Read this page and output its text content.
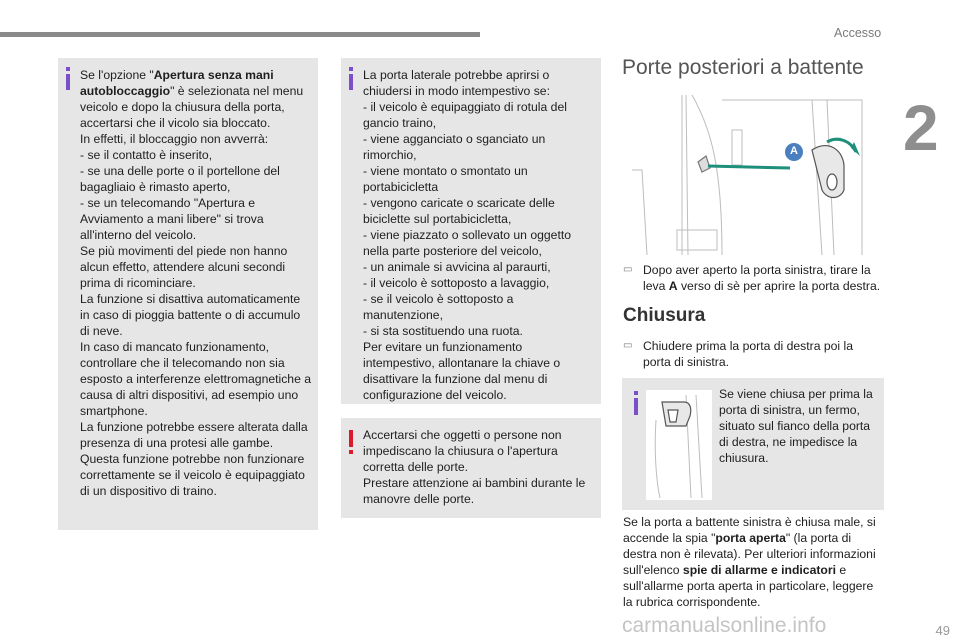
Accesso
2
Se l'opzione "Apertura senza mani autobloccaggio" è selezionata nel menu veicolo e dopo la chiusura della porta, accertarsi che il vicolo sia bloccato.
In effetti, il bloccaggio non avverrà:
- se il contatto è inserito,
- se una delle porte o il portellone del
bagagliaio è rimasto aperto,
- se un telecomando "Apertura e
Avviamento a mani libere" si trova
all'interno del veicolo.
Se più movimenti del piede non hanno alcun effetto, attendere alcuni secondi prima di ricominciare.
La funzione si disattiva automaticamente in caso di pioggia battente o di accumulo di neve.
In caso di mancato funzionamento, controllare che il telecomando non sia esposto a interferenze elettromagnetiche a causa di altri dispositivi, ad esempio uno smartphone.
La funzione potrebbe essere alterata dalla presenza di una protesi alle gambe.
Questa funzione potrebbe non funzionare correttamente se il veicolo è equipaggiato di un dispositivo di traino.
La porta laterale potrebbe aprirsi o chiudersi in modo intempestivo se:
- il veicolo è equipaggiato di rotula del
gancio traino,
- viene agganciato o sganciato un
rimorchio,
- viene montato o smontato un
portabicicletta
- vengono caricate o scaricate delle
biciclette sul portabicicletta,
- viene piazzato o sollevato un oggetto
nella parte posteriore del veicolo,
- un animale si avvicina al paraurti,
- il veicolo è sottoposto a lavaggio,
- se il veicolo è sottoposto a
manutenzione,
- si sta sostituendo una ruota.
Per evitare un funzionamento intempestivo, allontanare la chiave o disattivare la funzione dal menu di configurazione del veicolo.
Accertarsi che oggetti o persone non impediscano la chiusura o l'apertura corretta delle porte.
Prestare attenzione ai bambini durante le manovre delle porte.
Porte posteriori a battente
A
▭ Dopo aver aperto la porta sinistra, tirare la leva A verso di sè per aprire la porta destra.
Chiusura
▭ Chiudere prima la porta di destra poi la porta di sinistra.
Se viene chiusa per prima la porta di sinistra, un fermo, situato sul fianco della porta di destra, ne impedisce la chiusura.
Se la porta a battente sinistra è chiusa male, si accende la spia "porta aperta" (la porta di destra non è rilevata). Per ulteriori informazioni sull'elenco spie di allarme e indicatori e sull'allarme porta aperta in particolare, leggere la rubrica corrispondente.
carmanualsonline.info	49
